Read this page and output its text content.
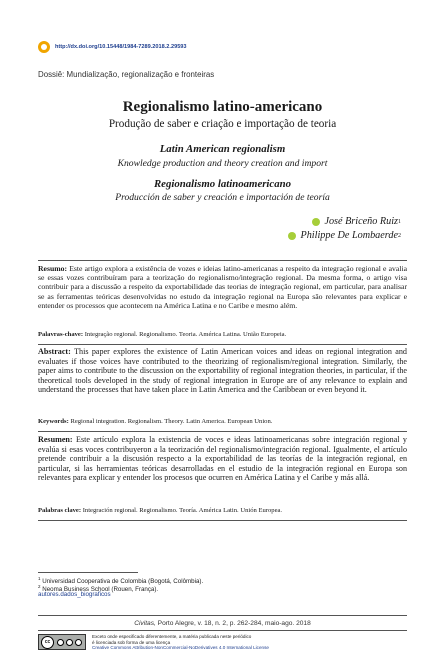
http://dx.doi.org/10.15448/1984-7289.2018.2.29593
Dossiê: Mundialização, regionalização e fronteiras
Regionalismo latino-americano
Produção de saber e criação e importação de teoria
Latin American regionalism
Knowledge production and theory creation and import
Regionalismo latinoamericano
Producción de saber y creación e importación de teoría
José Briceño Ruiz 1
Philippe De Lombaerde 2
Resumo: Este artigo explora a existência de vozes e ideias latino-americanas a respeito da integração regional e avalia se essas vozes contribuíram para a teorização do regionalismo/integração regional. Da mesma forma, o artigo visa contribuir para a discussão a respeito da exportabilidade das teorias de integração regional, em particular, para analisar se as ferramentas teóricas desenvolvidas no estudo da integração regional na Europa são relevantes para explicar e entender os processos que acontecem na América Latina e no Caribe e mesmo além.
Palavras-chave: Integração regional. Regionalismo. Teoria. América Latina. União Europeia.
Abstract: This paper explores the existence of Latin American voices and ideas on regional integration and evaluates if those voices have contributed to the theorizing of regionalism/regional integration. Similarly, the paper aims to contribute to the discussion on the exportability of regional integration theories, in particular, if the theoretical tools developed in the study of regional integration in Europe are of any relevance to explain and understand the processes that have taken place in Latin America and the Caribbean or even beyond it.
Keywords: Regional integration. Regionalism. Theory. Latin America. European Union.
Resumen: Este artículo explora la existencia de voces e ideas latinoamericanas sobre integración regional y evalúa si esas voces contribuyeron a la teorización del regionalismo/integración regional. Igualmente, el artículo pretende contribuir a la discusión respecto a la exportabilidad de las teorías de la integración regional, en particular, si las herramientas teóricas desarrolladas en el estudio de la integración regional en Europa son relevantes para explicar y entender los procesos que ocurren en América Latina y el Caribe y más allá.
Palabras clave: Integración regional. Regionalismo. Teoría. América Latin. Unión Europea.
$^1$ Universidad Cooperativa de Colombia (Bogotá, Colômbia).
$^2$ Neoma Business School (Rouen, França).
autores.dados_biograficos
Civitas, Porto Alegre, v. 18, n. 2, p. 262-284, maio-ago. 2018
cc
Exceto onde especificado diferentemente, a matéria publicada neste periódico
é licenciada sob forma de uma licença
Creative Commons Attribution-NonCommercial-NoDerivatives 4.0 International License
